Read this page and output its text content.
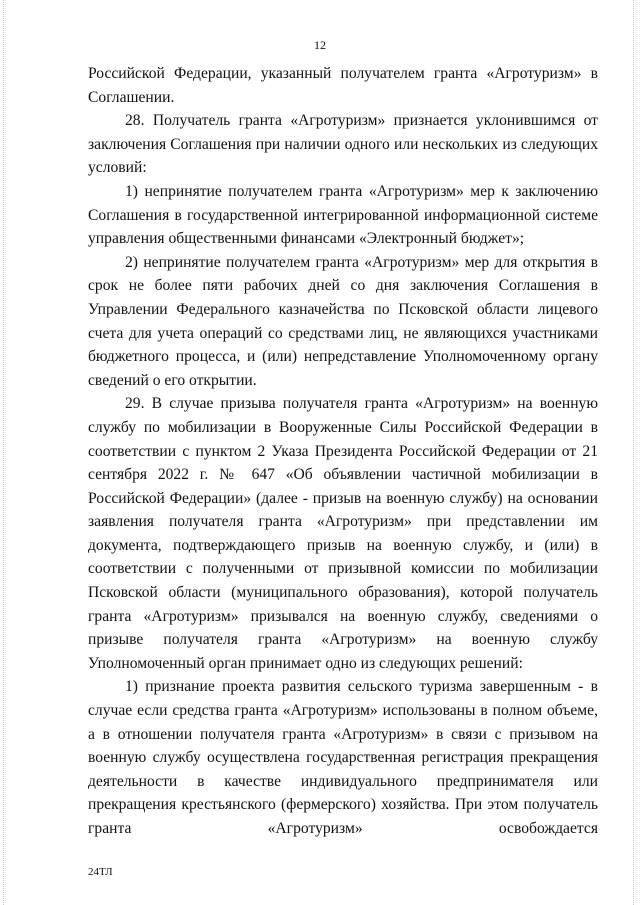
12

Российской Федерации, указанный получателем гранта «Агротуризм» в Соглашении.

28. Получатель гранта «Агротуризм» признается уклонившимся от заключения Соглашения при наличии одного или нескольких из следующих условий:

1) непринятие получателем гранта «Агротуризм» мер к заключению Соглашения в государственной интегрированной информационной системе управления общественными финансами «Электронный бюджет»;

2) непринятие получателем гранта «Агротуризм» мер для открытия в срок не более пяти рабочих дней со дня заключения Соглашения в Управлении Федерального казначейства по Псковской области лицевого счета для учета операций со средствами лиц, не являющихся участниками бюджетного процесса, и (или) непредставление Уполномоченному органу сведений о его открытии.

29. В случае призыва получателя гранта «Агротуризм» на военную службу по мобилизации в Вооруженные Силы Российской Федерации в соответствии с пунктом 2 Указа Президента Российской Федерации от 21 сентября 2022 г. № 647 «Об объявлении частичной мобилизации в Российской Федерации» (далее - призыв на военную службу) на основании заявления получателя гранта «Агротуризм» при представлении им документа, подтверждающего призыв на военную службу, и (или) в соответствии с полученными от призывной комиссии по мобилизации Псковской области (муниципального образования), которой получатель гранта «Агротуризм» призывался на военную службу, сведениями о призыве получателя гранта «Агротуризм» на военную службу Уполномоченный орган принимает одно из следующих решений:

1) признание проекта развития сельского туризма завершенным - в случае если средства гранта «Агротуризм» использованы в полном объеме, а в отношении получателя гранта «Агротуризм» в связи с призывом на военную службу осуществлена государственная регистрация прекращения деятельности в качестве индивидуального предпринимателя или прекращения крестьянского (фермерского) хозяйства. При этом получатель гранта «Агротуризм» освобождается

24ТЛ
